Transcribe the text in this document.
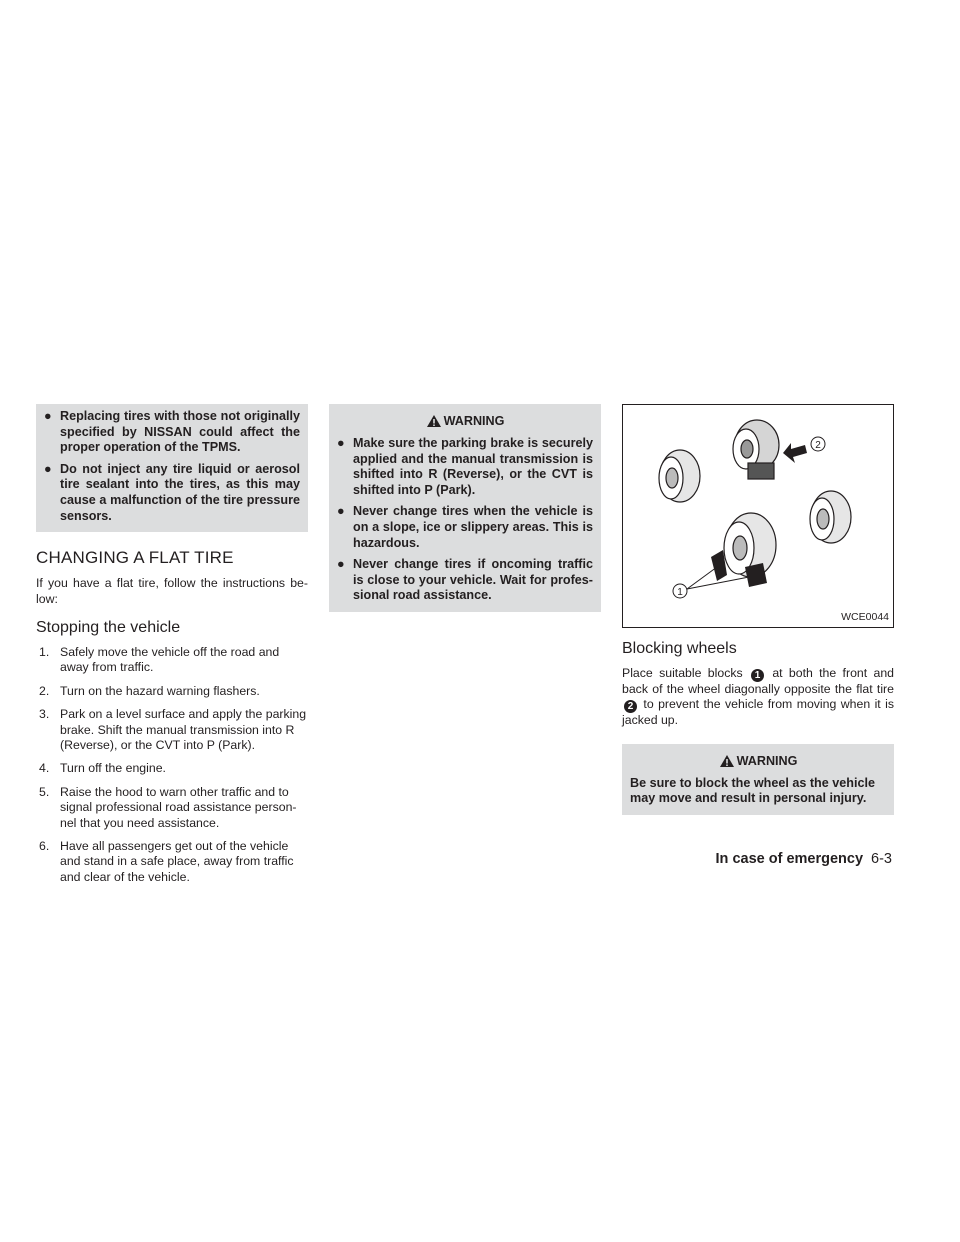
● Replacing tires with those not originally specified by NISSAN could affect the proper operation of the TPMS.
● Do not inject any tire liquid or aerosol tire sealant into the tires, as this may cause a malfunction of the tire pressure sensors.
CHANGING A FLAT TIRE

If you have a flat tire, follow the instructions be-low:

Stopping the vehicle
1. Safely move the vehicle off the road and away from traffic.
2. Turn on the hazard warning flashers.
3. Park on a level surface and apply the parking brake. Shift the manual transmission into R (Reverse), or the CVT into P (Park).
4. Turn off the engine.
5. Raise the hood to warn other traffic and to signal professional road assistance person-nel that you need assistance.
6. Have all passengers get out of the vehicle and stand in a safe place, away from traffic and clear of the vehicle.
WARNING
● Make sure the parking brake is securely applied and the manual transmission is shifted into R (Reverse), or the CVT is shifted into P (Park).
● Never change tires when the vehicle is on a slope, ice or slippery areas. This is hazardous.
● Never change tires if oncoming traffic is close to your vehicle. Wait for profes-sional road assistance.	1
2
WCE0044
Blocking wheels

Place suitable blocks 1 at both the front and back of the wheel diagonally opposite the flat tire 2 to prevent the vehicle from moving when it is jacked up.

WARNING
Be sure to block the wheel as the vehicle may move and result in personal injury.
In case of emergency 6-3
